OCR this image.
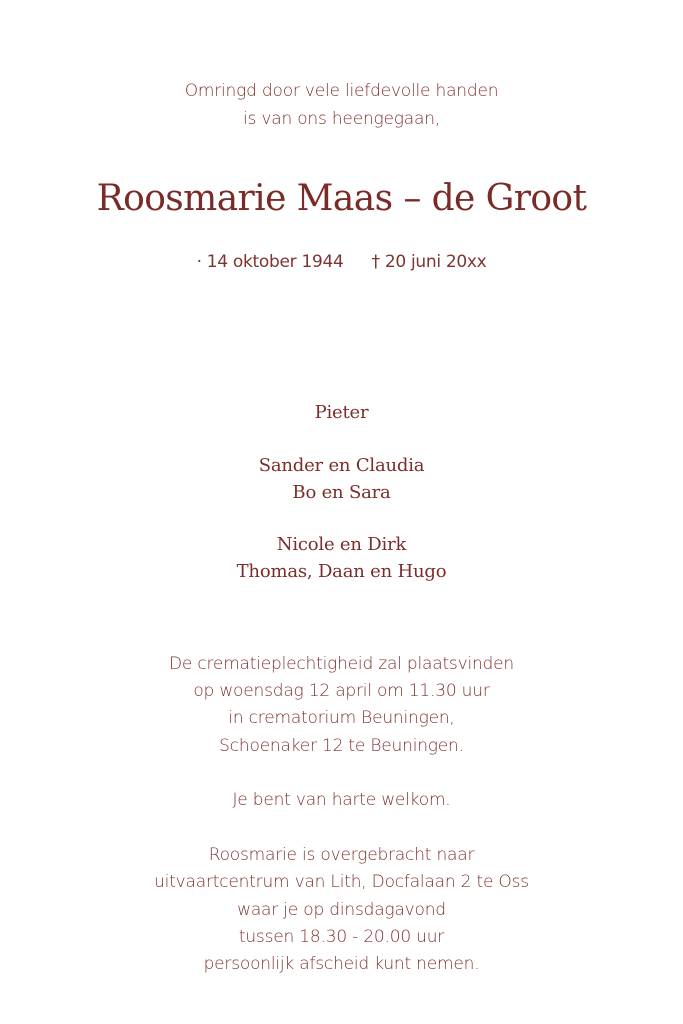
Omringd door vele liefdevolle handen
is van ons heengegaan,
Roosmarie Maas – de Groot
· 14 oktober 1944 † 20 juni 20xx
Pieter
Sander en Claudia
Bo en Sara
Nicole en Dirk
Thomas, Daan en Hugo
De crematieplechtigheid zal plaatsvinden
op woensdag 12 april om 11.30 uur
in crematorium Beuningen,
Schoenaker 12 te Beuningen.
Je bent van harte welkom.
Roosmarie is overgebracht naar
uitvaartcentrum van Lith, Docfalaan 2 te Oss
waar je op dinsdagavond
tussen 18.30 - 20.00 uur
persoonlijk afscheid kunt nemen.
